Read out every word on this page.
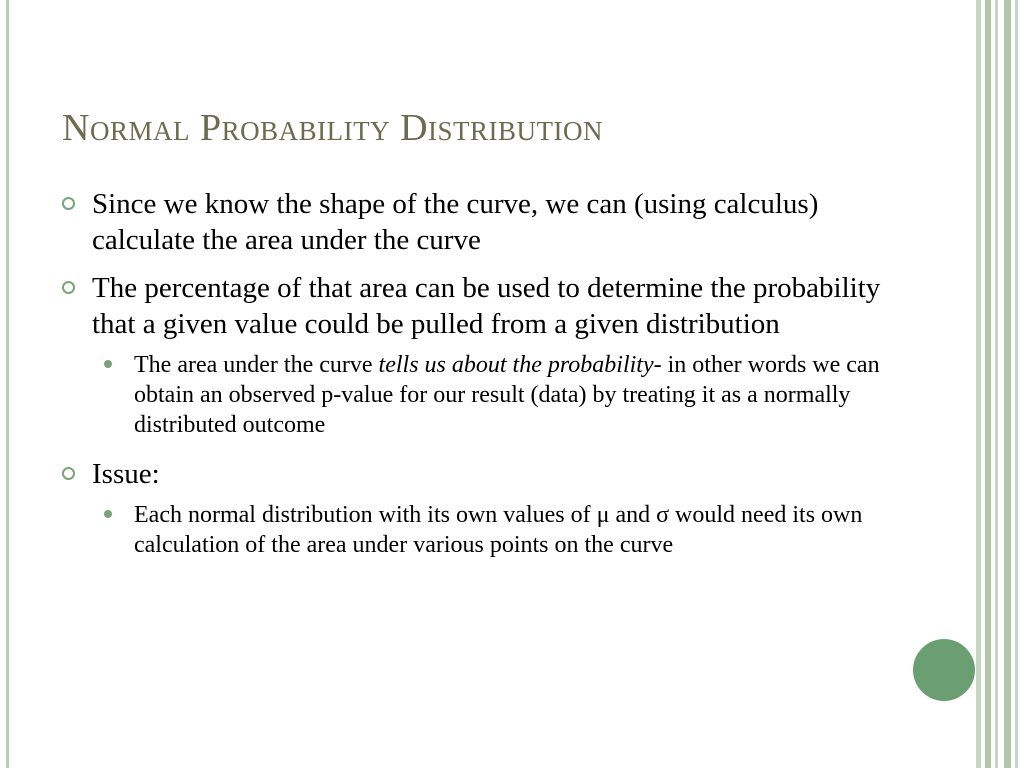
Normal Probability Distribution
Since we know the shape of the curve, we can (using calculus) calculate the area under the curve
The percentage of that area can be used to determine the probability that a given value could be pulled from a given distribution
The area under the curve tells us about the probability- in other words we can obtain an observed p-value for our result (data) by treating it as a normally distributed outcome
Issue:
Each normal distribution with its own values of μ and σ would need its own calculation of the area under various points on the curve
